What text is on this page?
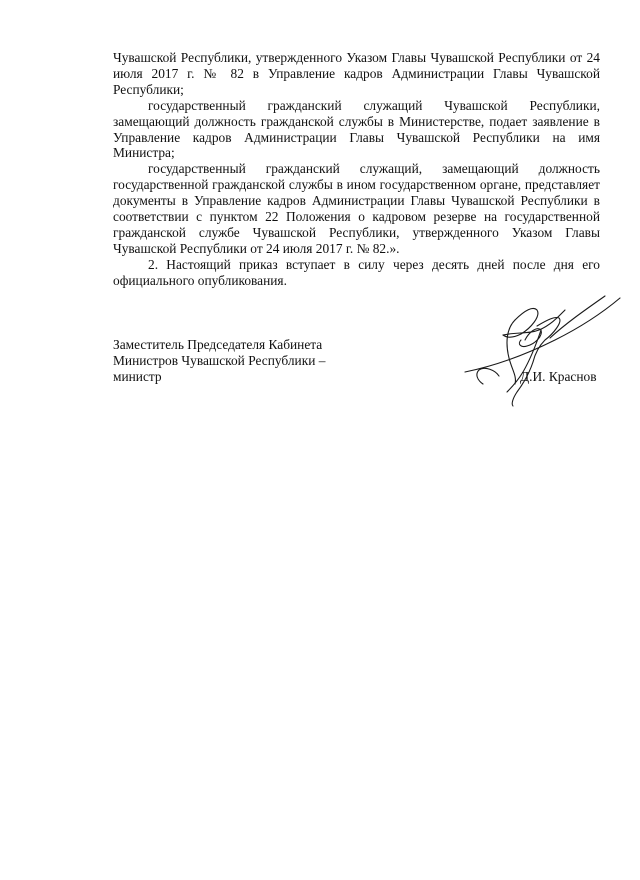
Чувашской Республики, утвержденного Указом Главы Чувашской Республики от 24 июля 2017 г. № 82 в Управление кадров Администрации Главы Чувашской Республики;

государственный гражданский служащий Чувашской Республики, замещающий должность гражданской службы в Министерстве, подает заявление в Управление кадров Администрации Главы Чувашской Республики на имя Министра;

государственный гражданский служащий, замещающий должность государственной гражданской службы в ином государственном органе, представляет документы в Управление кадров Администрации Главы Чувашской Республики в соответствии с пунктом 22 Положения о кадровом резерве на государственной гражданской службе Чувашской Республики, утвержденного Указом Главы Чувашской Республики от 24 июля 2017 г. № 82.».

2. Настоящий приказ вступает в силу через десять дней после дня его официального опубликования.

Заместитель Председателя Кабинета
Министров Чувашской Республики –
министр	Д.И. Краснов
